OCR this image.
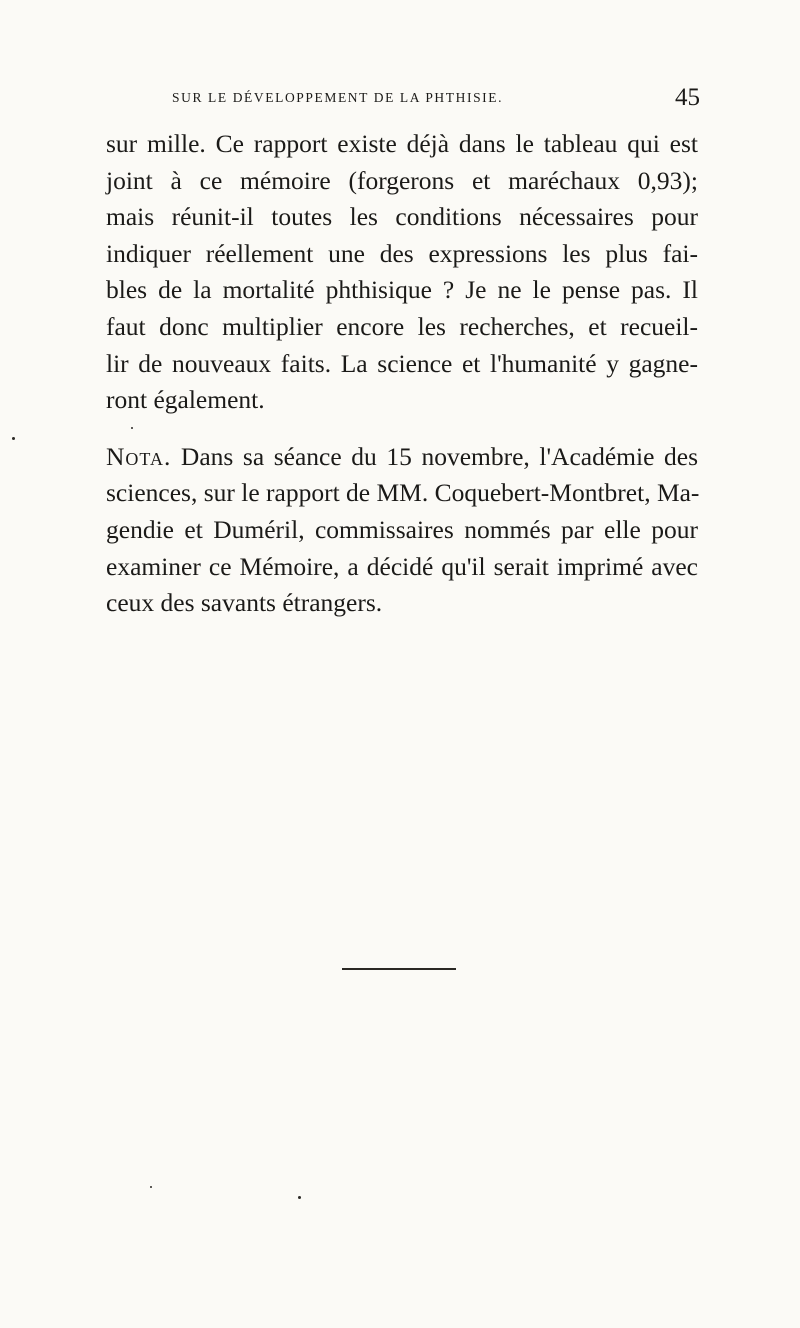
SUR LE DÉVELOPPEMENT DE LA PHTHISIE.	45
sur mille. Ce rapport existe déjà dans le tableau qui est
joint à ce mémoire (forgerons et maréchaux 0,93);
mais réunit-il toutes les conditions nécessaires pour
indiquer réellement une des expressions les plus fai-
bles de la mortalité phthisique ? Je ne le pense pas. Il
faut donc multiplier encore les recherches, et recueil-
lir de nouveaux faits. La science et l'humanité y gagne-
ront également.
Nota. Dans sa séance du 15 novembre, l'Académie des
sciences, sur le rapport de MM. Coquebert-Montbret, Ma-
gendie et Duméril, commissaires nommés par elle pour
examiner ce Mémoire, a décidé qu'il serait imprimé avec
ceux des savants étrangers.
